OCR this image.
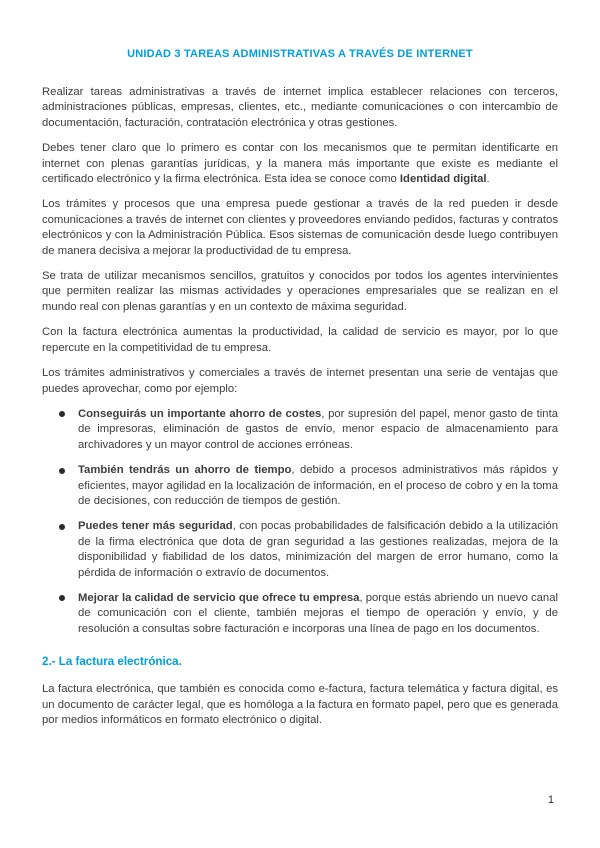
UNIDAD 3 TAREAS ADMINISTRATIVAS A TRAVÉS DE INTERNET

Realizar tareas administrativas a través de internet implica establecer relaciones con terceros, administraciones públicas, empresas, clientes, etc., mediante comunicaciones o con intercambio de documentación, facturación, contratación electrónica y otras gestiones.

Debes tener claro que lo primero es contar con los mecanismos que te permitan identificarte en internet con plenas garantías jurídicas, y la manera más importante que existe es mediante el certificado electrónico y la firma electrónica. Esta idea se conoce como Identidad digital.

Los trámites y procesos que una empresa puede gestionar a través de la red pueden ir desde comunicaciones a través de internet con clientes y proveedores enviando pedidos, facturas y contratos electrónicos y con la Administración Pública. Esos sistemas de comunicación desde luego contribuyen de manera decisiva a mejorar la productividad de tu empresa.

Se trata de utilizar mecanismos sencillos, gratuitos y conocidos por todos los agentes intervinientes que permiten realizar las mismas actividades y operaciones empresariales que se realizan en el mundo real con plenas garantías y en un contexto de máxima seguridad.

Con la factura electrónica aumentas la productividad, la calidad de servicio es mayor, por lo que repercute en la competitividad de tu empresa.

Los trámites administrativos y comerciales a través de internet presentan una serie de ventajas que puedes aprovechar, como por ejemplo:

Conseguirás un importante ahorro de costes, por supresión del papel, menor gasto de tinta de impresoras, eliminación de gastos de envío, menor espacio de almacenamiento para archivadores y un mayor control de acciones erróneas.
También tendrás un ahorro de tiempo, debido a procesos administrativos más rápidos y eficientes, mayor agilidad en la localización de información, en el proceso de cobro y en la toma de decisiones, con reducción de tiempos de gestión.
Puedes tener más seguridad, con pocas probabilidades de falsificación debido a la utilización de la firma electrónica que dota de gran seguridad a las gestiones realizadas, mejora de la disponibilidad y fiabilidad de los datos, minimización del margen de error humano, como la pérdida de información o extravío de documentos.
Mejorar la calidad de servicio que ofrece tu empresa, porque estás abriendo un nuevo canal de comunicación con el cliente, también mejoras el tiempo de operación y envío, y de resolución a consultas sobre facturación e incorporas una línea de pago en los documentos.
2.- La factura electrónica.

La factura electrónica, que también es conocida como e-factura, factura telemática y factura digital, es un documento de carácter legal, que es homóloga a la factura en formato papel, pero que es generada por medios informáticos en formato electrónico o digital.

1
